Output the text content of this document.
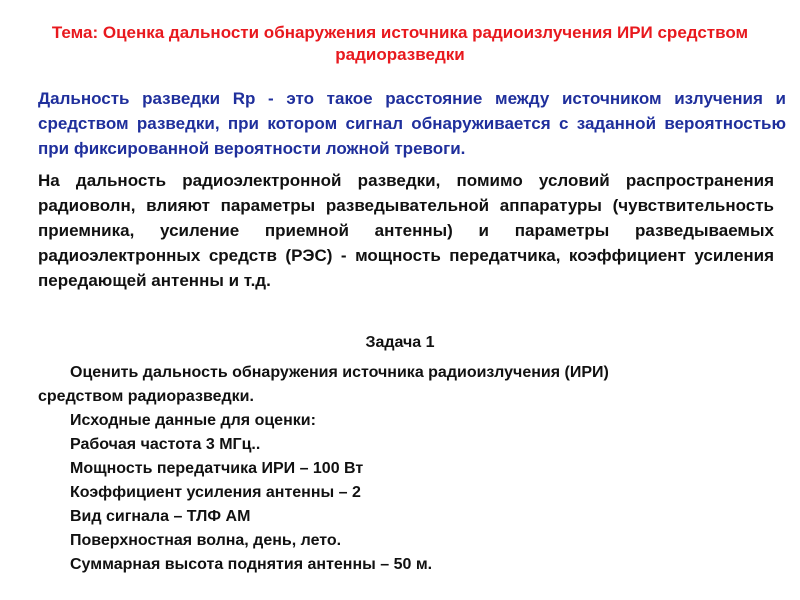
Тема: Оценка дальности обнаружения источника радиоизлучения ИРИ средством радиоразведки
Дальность разведки Rр - это такое расстояние между источником излучения и средством разведки, при котором сигнал обнаруживается с заданной вероятностью при фиксированной вероятности ложной тревоги.
На дальность радиоэлектронной разведки, помимо условий распространения радиоволн, влияют параметры разведывательной аппаратуры (чувствительность приемника, усиление приемной антенны) и параметры разведываемых радиоэлектронных средств (РЭС) - мощность передатчика, коэффициент усиления передающей антенны и т.д.
Задача 1
Оценить дальность обнаружения источника радиоизлучения (ИРИ)
средством радиоразведки.
Исходные данные для оценки:
Рабочая частота 3 МГц..
Мощность передатчика ИРИ – 100 Вт
Коэффициент усиления антенны – 2
Вид сигнала – ТЛФ АМ
Поверхностная волна, день, лето.
Суммарная высота поднятия антенны – 50 м.
